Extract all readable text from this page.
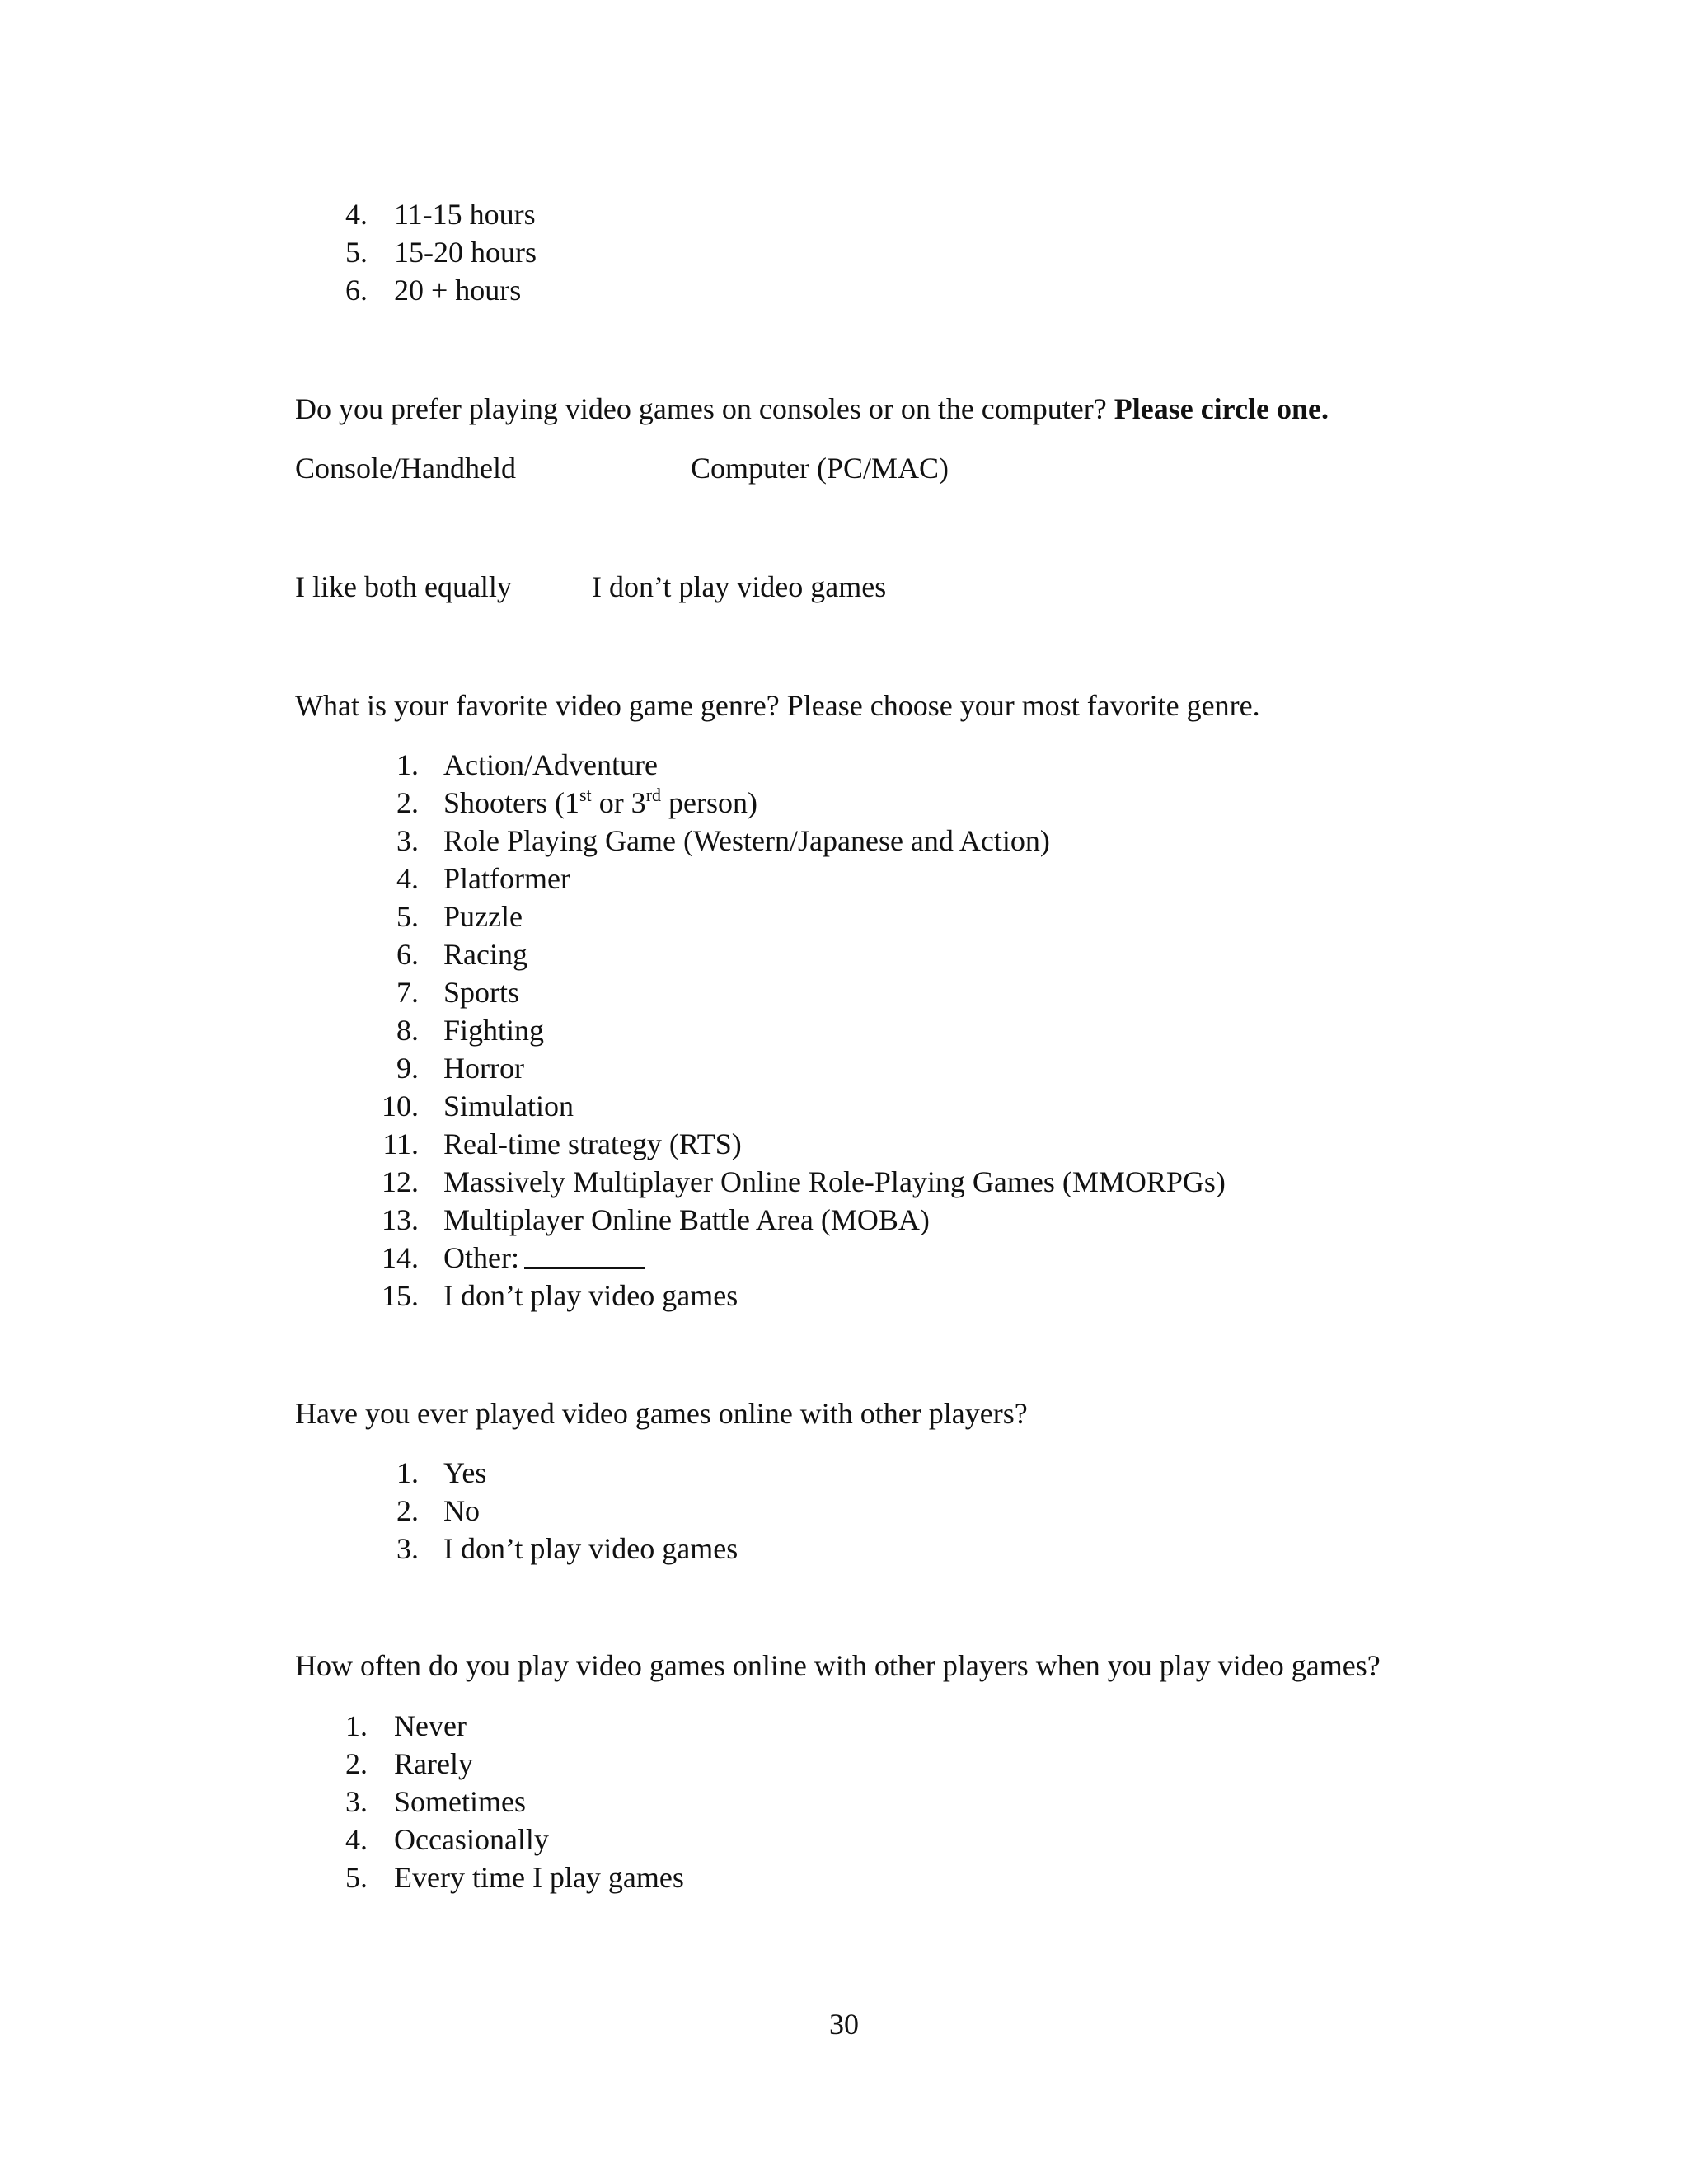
4. 11-15 hours
5. 15-20 hours
6. 20 + hours
Do you prefer playing video games on consoles or on the computer? Please circle one.
Console/Handheld	Computer (PC/MAC)
I like both equally	I don’t play video games
What is your favorite video game genre? Please choose your most favorite genre.
1. Action/Adventure
2. Shooters (1st or 3rd person)
3. Role Playing Game (Western/Japanese and Action)
4. Platformer
5. Puzzle
6. Racing
7. Sports
8. Fighting
9. Horror
10. Simulation
11. Real-time strategy (RTS)
12. Massively Multiplayer Online Role-Playing Games (MMORPGs)
13. Multiplayer Online Battle Area (MOBA)
14. Other:
15. I don’t play video games
Have you ever played video games online with other players?
1. Yes
2. No
3. I don’t play video games
How often do you play video games online with other players when you play video games?
1. Never
2. Rarely
3. Sometimes
4. Occasionally
5. Every time I play games
30
